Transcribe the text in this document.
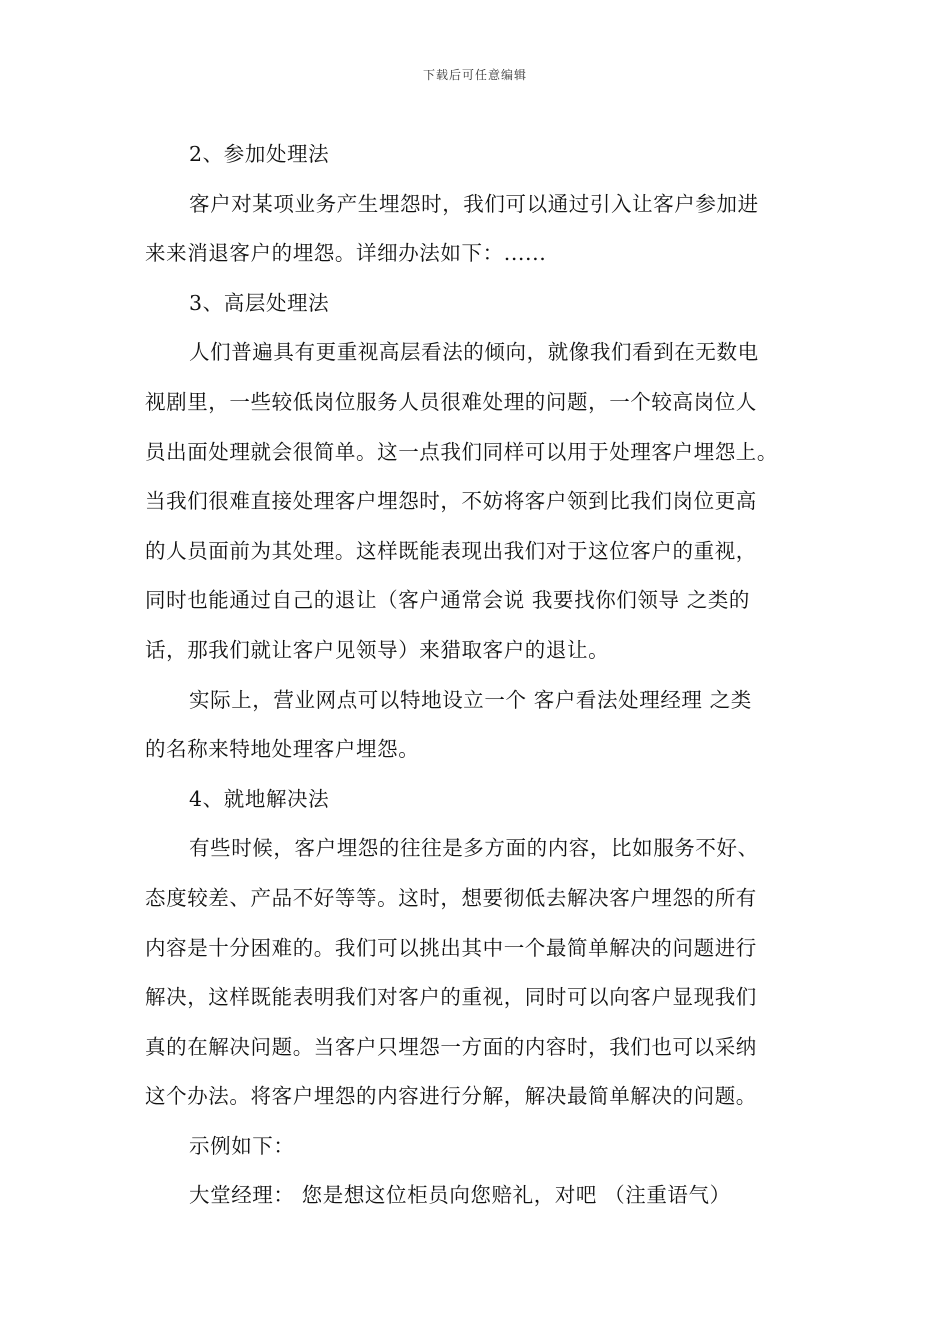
下载后可任意编辑
2、参加处理法
客户对某项业务产生埋怨时，我们可以通过引入让客户参加进
来来消退客户的埋怨。详细办法如下：......
3、高层处理法
人们普遍具有更重视高层看法的倾向，就像我们看到在无数电
视剧里，一些较低岗位服务人员很难处理的问题，一个较高岗位人
员出面处理就会很简单。这一点我们同样可以用于处理客户埋怨上。
当我们很难直接处理客户埋怨时，不妨将客户领到比我们岗位更高
的人员面前为其处理。这样既能表现出我们对于这位客户的重视，
同时也能通过自己的退让（客户通常会说 我要找你们领导 之类的
话，那我们就让客户见领导）来猎取客户的退让。
实际上，营业网点可以特地设立一个 客户看法处理经理 之类
的名称来特地处理客户埋怨。
4、就地解决法
有些时候，客户埋怨的往往是多方面的内容，比如服务不好、
态度较差、产品不好等等。这时，想要彻低去解决客户埋怨的所有
内容是十分困难的。我们可以挑出其中一个最简单解决的问题进行
解决，这样既能表明我们对客户的重视，同时可以向客户显现我们
真的在解决问题。当客户只埋怨一方面的内容时，我们也可以采纳
这个办法。将客户埋怨的内容进行分解，解决最简单解决的问题。
示例如下：
大堂经理： 您是想这位柜员向您赔礼，对吧 （注重语气）
